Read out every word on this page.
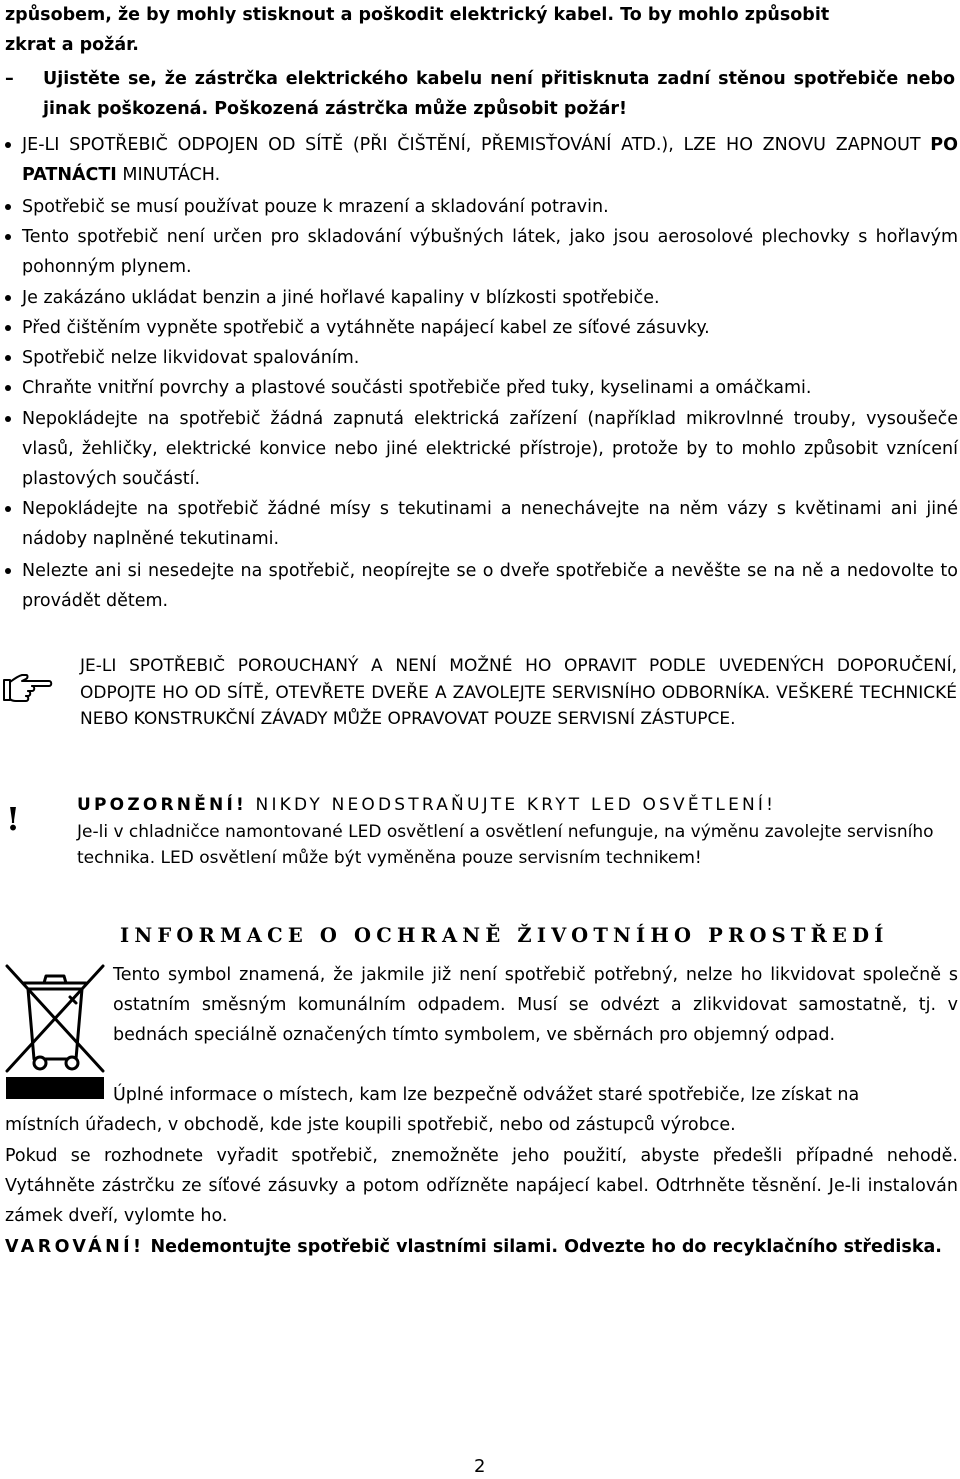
způsobem, že by mohly stisknout a poškodit elektrický kabel. To by mohlo způsobit
zkrat a požár.
– Ujistěte se, že zástrčka elektrického kabelu není přitisknuta zadní stěnou spotřebiče nebo jinak poškozená. Poškozená zástrčka může způsobit požár!
JE-LI SPOTŘEBIČ ODPOJEN OD SÍTĚ (PŘI ČIŠTĚNÍ, PŘEMISŤOVÁNÍ ATD.), LZE HO ZNOVU ZAPNOUT PO PATNÁCTI MINUTÁCH.
Spotřebič se musí používat pouze k mrazení a skladování potravin.
Tento spotřebič není určen pro skladování výbušných látek, jako jsou aerosolové plechovky s hořlavým pohonným plynem.
Je zakázáno ukládat benzin a jiné hořlavé kapaliny v blízkosti spotřebiče.
Před čištěním vypněte spotřebič a vytáhněte napájecí kabel ze síťové zásuvky.
Spotřebič nelze likvidovat spalováním.
Chraňte vnitřní povrchy a plastové součásti spotřebiče před tuky, kyselinami a omáčkami.
Nepokládejte na spotřebič žádná zapnutá elektrická zařízení (například mikrovlnné trouby, vysoušeče vlasů, žehličky, elektrické konvice nebo jiné elektrické přístroje), protože by to mohlo způsobit vznícení plastových součástí.
Nepokládejte na spotřebič žádné mísy s tekutinami a nenechávejte na něm vázy s květinami ani jiné nádoby naplněné tekutinami.
Nelezte ani si nesedejte na spotřebič, neopírejte se o dveře spotřebiče a nevěšte se na ně a nedovolte to provádět dětem.
JE-LI SPOTŘEBIČ POROUCHANÝ A NENÍ MOŽNÉ HO OPRAVIT PODLE UVEDENÝCH DOPORUČENÍ, ODPOJTE HO OD SÍTĚ, OTEVŘETE DVEŘE A ZAVOLEJTE SERVISNÍHO ODBORNÍKA. VEŠKERÉ TECHNICKÉ NEBO KONSTRUKČNÍ ZÁVADY MŮŽE OPRAVOVAT POUZE SERVISNÍ ZÁSTUPCE.
!	UPOZORNĚNÍ! NIKDY NEODSTRAŇUJTE KRYT LED OSVĚTLENÍ!
Je-li v chladničce namontované LED osvětlení a osvětlení nefunguje, na výměnu zavolejte servisního technika. LED osvětlení může být vyměněna pouze servisním technikem!
INFORMACE O OCHRANĚ ŽIVOTNÍHO PROSTŘEDÍ
Tento symbol znamená, že jakmile již není spotřebič potřebný, nelze ho likvidovat společně s ostatním směsným komunálním odpadem. Musí se odvézt a zlikvidovat samostatně, tj. v bednách speciálně označených tímto symbolem, ve sběrnách pro objemný odpad.
Úplné informace o místech, kam lze bezpečně odvážet staré spotřebiče, lze získat na
místních úřadech, v obchodě, kde jste koupili spotřebič, nebo od zástupců výrobce.
Pokud se rozhodnete vyřadit spotřebič, znemožněte jeho použití, abyste předešli případné nehodě. Vytáhněte zástrčku ze síťové zásuvky a potom odřízněte napájecí kabel. Odtrhněte těsnění. Je-li instalován zámek dveří, vylomte ho.
VAROVÁNÍ! Nedemontujte spotřebič vlastními silami. Odvezte ho do recyklačního střediska.
2
